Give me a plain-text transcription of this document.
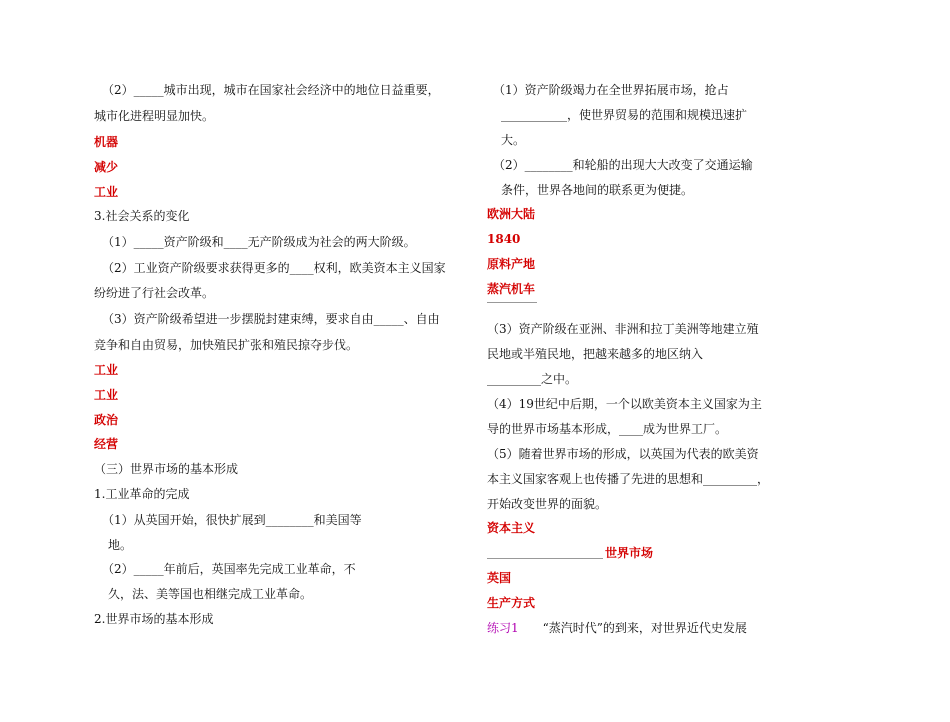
（2）_____城市出现，城市在国家社会经济中的地位日益重要，
城市化进程明显加快。
机器
减少
工业
3.社会关系的变化
（1）_____资产阶级和____无产阶级成为社会的两大阶级。
（2）工业资产阶级要求获得更多的____权利，欧美资本主义国家
纷纷进了行社会改革。
（3）资产阶级希望进一步摆脱封建束缚，要求自由_____、自由
竞争和自由贸易，加快殖民扩张和殖民掠夺步伐。
工业
工业
政治
经营
（三）世界市场的基本形成
1.工业革命的完成
（1）从英国开始，很快扩展到________和美国等
地。
（2）_____年前后，英国率先完成工业革命，不
久，法、美等国也相继完成工业革命。
2.世界市场的基本形成
练习1 “蒸汽时代”的到来，对世界近代史发展
（1）资产阶级竭力在全世界拓展市场，抢占
___________，使世界贸易的范围和规模迅速扩
大。
（2）________和轮船的出现大大改变了交通运输
条件，世界各地间的联系更为便捷。
欧洲大陆
1840
原料产地
蒸汽机车
（3）资产阶级在亚洲、非洲和拉丁美洲等地建立殖
民地或半殖民地，把越来越多的地区纳入
_________之中。
（4）19世纪中后期，一个以欧美资本主义国家为主
导的世界市场基本形成，____成为世界工厂。
（5）随着世界市场的形成，以英国为代表的欧美资
本主义国家客观上也传播了先进的思想和_________，
开始改变世界的面貌。
资本主义
世界市场
英国
生产方式
